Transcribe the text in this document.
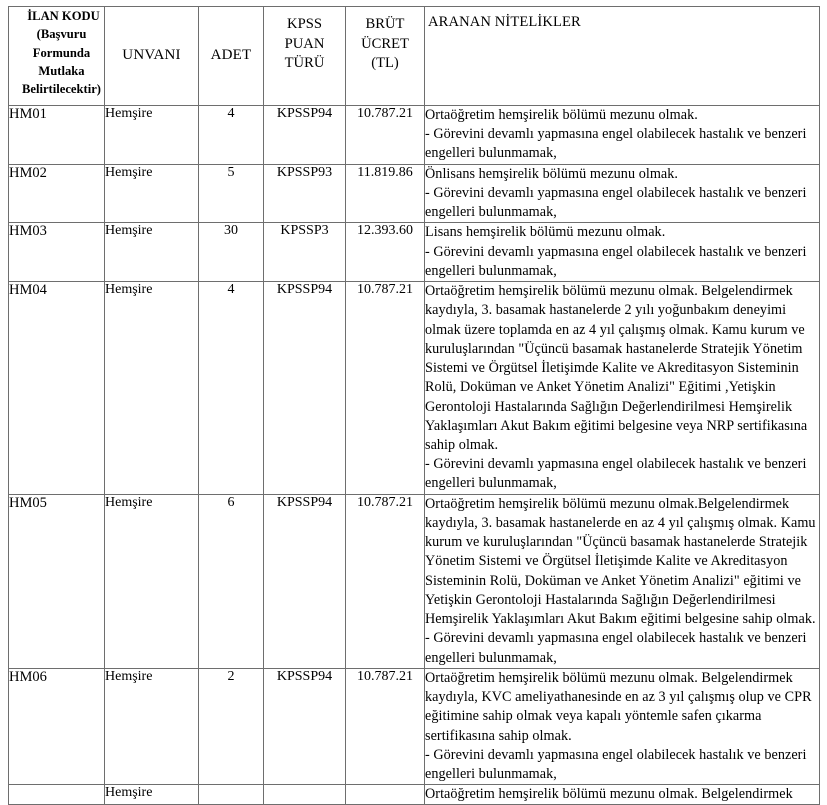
İLAN KODU
(Başvuru
Formunda
Mutlaka
Belirtilecektir)	UNVANI	ADET	KPSS
PUAN
TÜRÜ	BRÜT
ÜCRET
(TL)	ARANAN NİTELİKLER
HM01	Hemşire	4	KPSSP94	10.787.21	Ortaöğretim hemşirelik bölümü mezunu olmak.

- Görevini devamlı yapmasına engel olabilecek hastalık ve benzeri engelleri bulunmamak,

HM02	Hemşire	5	KPSSP93	11.819.86	Önlisans hemşirelik bölümü mezunu olmak.

- Görevini devamlı yapmasına engel olabilecek hastalık ve benzeri engelleri bulunmamak,

HM03	Hemşire	30	KPSSP3	12.393.60	Lisans hemşirelik bölümü mezunu olmak.

- Görevini devamlı yapmasına engel olabilecek hastalık ve benzeri engelleri bulunmamak,

HM04	Hemşire	4	KPSSP94	10.787.21	Ortaöğretim hemşirelik bölümü mezunu olmak. Belgelendirmek kaydıyla, 3. basamak hastanelerde 2 yılı yoğunbakım deneyimi olmak üzere toplamda en az 4 yıl çalışmış olmak. Kamu kurum ve kuruluşlarından "Üçüncü basamak hastanelerde Stratejik Yönetim Sistemi ve Örgütsel İletişimde Kalite ve Akreditasyon Sisteminin Rolü, Doküman ve Anket Yönetim Analizi" Eğitimi ,Yetişkin Gerontoloji Hastalarında Sağlığın Değerlendirilmesi Hemşirelik Yaklaşımları Akut Bakım eğitimi belgesine veya NRP sertifikasına sahip olmak.

- Görevini devamlı yapmasına engel olabilecek hastalık ve benzeri engelleri bulunmamak,

HM05	Hemşire	6	KPSSP94	10.787.21	Ortaöğretim hemşirelik bölümü mezunu olmak.Belgelendirmek kaydıyla, 3. basamak hastanelerde en az 4 yıl çalışmış olmak. Kamu kurum ve kuruluşlarından "Üçüncü basamak hastanelerde Stratejik Yönetim Sistemi ve Örgütsel İletişimde Kalite ve Akreditasyon Sisteminin Rolü, Doküman ve Anket Yönetim Analizi" eğitimi ve Yetişkin Gerontoloji Hastalarında Sağlığın Değerlendirilmesi Hemşirelik Yaklaşımları Akut Bakım eğitimi belgesine sahip olmak.

- Görevini devamlı yapmasına engel olabilecek hastalık ve benzeri engelleri bulunmamak,

HM06	Hemşire	2	KPSSP94	10.787.21	Ortaöğretim hemşirelik bölümü mezunu olmak. Belgelendirmek kaydıyla, KVC ameliyathanesinde en az 3 yıl çalışmış olup ve CPR eğitimine sahip olmak veya kapalı yöntemle safen çıkarma sertifikasına sahip olmak.

- Görevini devamlı yapmasına engel olabilecek hastalık ve benzeri engelleri bulunmamak,

	Hemşire				Ortaöğretim hemşirelik bölümü mezunu olmak. Belgelendirmek
